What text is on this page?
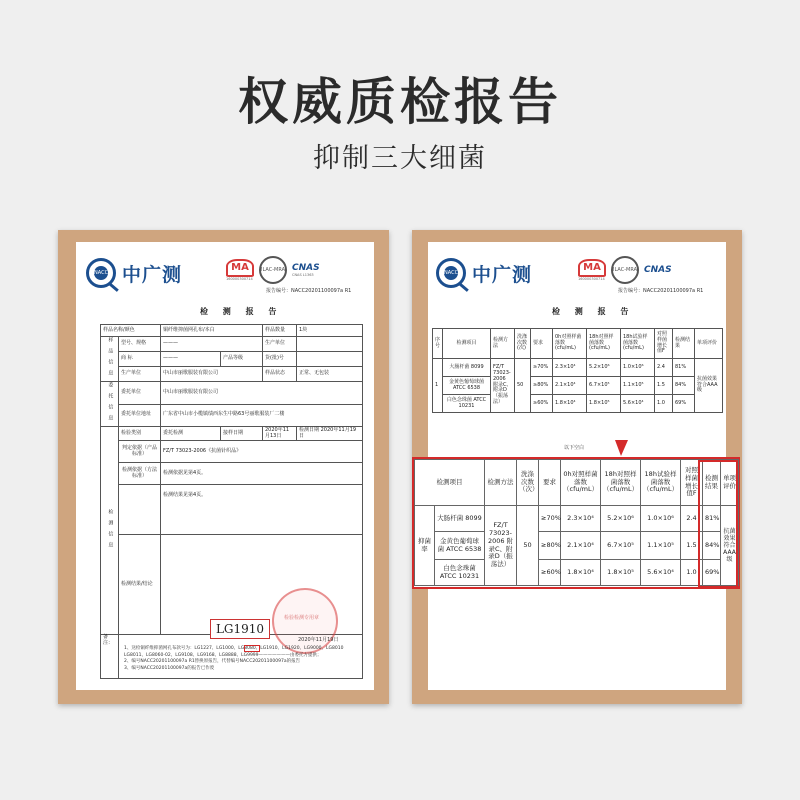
权威质检报告
抑制三大细菌
NACC 中广测	MA
160000300714
ILAC-MRA CNAS
CNAS L1363
报告编号：NACC20201100097a R1
检 测 报 告
样品名称/颜色		铜纤维抑菌网孔布/本白		样品数量	1块
样品信息	型号、规格	———		生产单位	
	商 标	———	产品等级	货(批)号	
	生产单位	中山市丽歌服装有限公司		样品状态	正常、无包装
委托信息	委托单位	中山市丽歌服装有限公司			
	委托单位地址	广东省中山市小榄镇绩西东生中路63号丽歌服装厂二楼			
检测信息	检验类别	委托检测	接样日期	2020年11月13日	检测日期 2020年11月19日
	判定依据（产品标准）	FZ/T 73023-2006《抗菌针织品》			
	检测依据（方法标准）	检测依据见第4页。			
		检测结果见第4页。			
	检测结果/结论				
备注：					
检验检测专用章
2020年11月19日
LG1910
1、送检铜纤维抑菌网孔布款号为：LG1227、LG1000、LG8080、LG1910、LG1920、LG9000、LG8010
LG8011、LG8060-02、LG9108、LG9168、LG8888、LG9999———————由委托方提供；
2、编号NACC20201100097a R1替换原报告，代替编号NACC20201100097a的报告
3、编号NACC20201100097a的报告已作废
NACC 中广测	MA
160000300714
ILAC-MRA CNAS
报告编号：NACC20201100097a R1
检 测 报 告
序号	检测项目	检测方法	洗涤次数(次)	要求	0h对照样菌落数(cfu/mL)	18h对照样菌落数(cfu/mL)	18h试验样菌落数(cfu/mL)	对照样菌增长值F	检测结果	单项评价
1	大肠杆菌 8099	FZ/T 73023-2006 附录C、附录D（振荡法）	50	≥70%	2.3×10⁴	5.2×10⁶	1.0×10⁶	2.4	81%	抗菌效果符合AAA级
	金黄色葡萄球菌 ATCC 6538			≥80%	2.1×10⁴	6.7×10⁵	1.1×10⁵	1.5	84%	
	白色念珠菌 ATCC 10231			≥60%	1.8×10⁴	1.8×10⁵	5.6×10⁴	1.0	69%	
以下空白
检测项目		检测方法	洗涤次数（次）	要求	0h对照样菌落数（cfu/mL）	18h对照样菌落数（cfu/mL）	18h试验样菌落数（cfu/mL）	对照样菌增长值F	检测结果	单项评价
抑菌率	大肠杆菌 8099	FZ/T 73023-2006 附录C、附录D（振荡法）	50	≥70%	2.3×10⁴	5.2×10⁶	1.0×10⁶	2.4	81%	抗菌效果符合AAA级
	金黄色葡萄球菌 ATCC 6538			≥80%	2.1×10⁴	6.7×10⁵	1.1×10⁵	1.5	84%	
	白色念珠菌 ATCC 10231			≥60%	1.8×10⁴	1.8×10⁵	5.6×10⁴	1.0	69%	
